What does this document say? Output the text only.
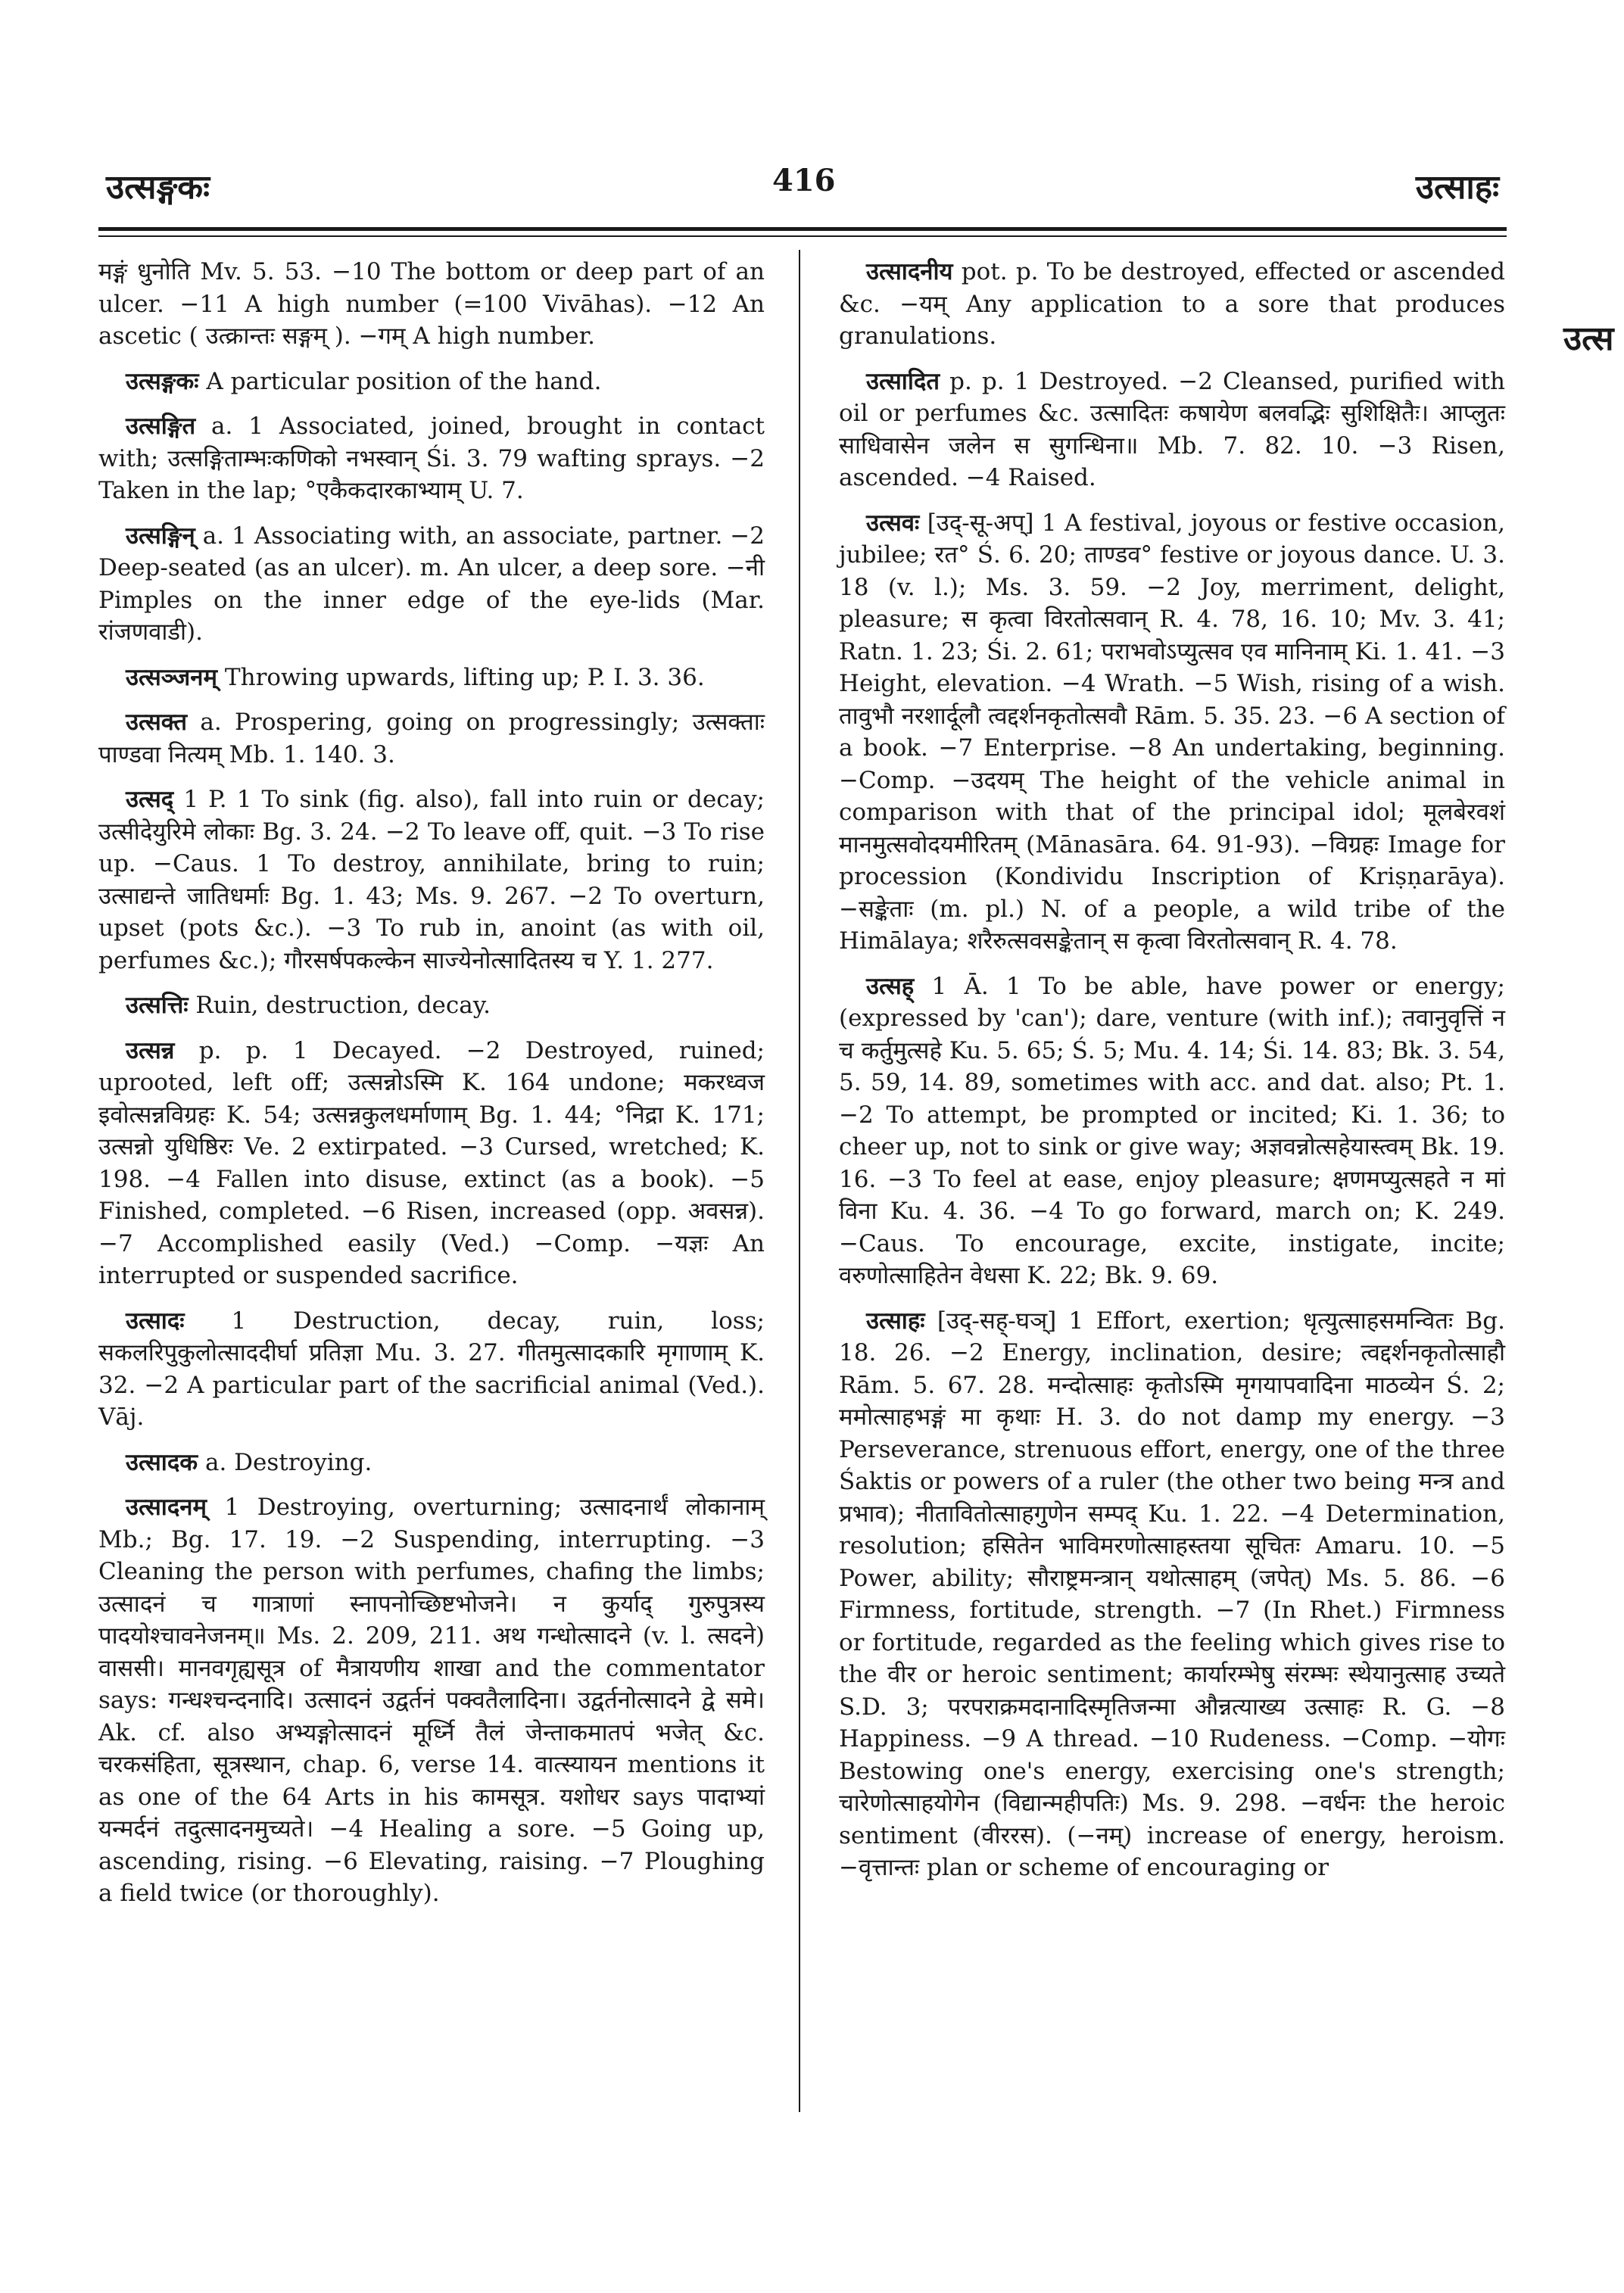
उत्सङ्गकः	416	उत्साहः
उत्स

मङ्गं धुनोति Mv. 5. 53. −10 The bottom or deep part of an ulcer. −11 A high number (=100 Vivāhas). −12 An ascetic ( उत्क्रान्तः सङ्गम् ). −गम् A high number.

उत्सङ्गकः A particular position of the hand.

उत्सङ्गित a. 1 Associated, joined, brought in contact with; उत्सङ्गिताम्भःकणिको नभस्वान् Śi. 3. 79 wafting sprays. −2 Taken in the lap; °एकैकदारकाभ्याम् U. 7.

उत्सङ्गिन् a. 1 Associating with, an associate, partner. −2 Deep-seated (as an ulcer). m. An ulcer, a deep sore. −नी Pimples on the inner edge of the eye-lids (Mar. रांजणवाडी).

उत्सञ्जनम् Throwing upwards, lifting up; P. I. 3. 36.

उत्सक्त a. Prospering, going on progressingly; उत्सक्ताः पाण्डवा नित्यम् Mb. 1. 140. 3.

उत्सद् 1 P. 1 To sink (fig. also), fall into ruin or decay; उत्सीदेयुरिमे लोकाः Bg. 3. 24. −2 To leave off, quit. −3 To rise up. −Caus. 1 To destroy, annihilate, bring to ruin; उत्साद्यन्ते जातिधर्माः Bg. 1. 43; Ms. 9. 267. −2 To overturn, upset (pots &c.). −3 To rub in, anoint (as with oil, perfumes &c.); गौरसर्षपकल्केन साज्येनोत्सादितस्य च Y. 1. 277.

उत्सत्तिः Ruin, destruction, decay.

उत्सन्न p. p. 1 Decayed. −2 Destroyed, ruined; uprooted, left off; उत्सन्नोऽस्मि K. 164 undone; मकरध्वज इवोत्सन्नविग्रहः K. 54; उत्सन्नकुलधर्माणाम् Bg. 1. 44; °निद्रा K. 171; उत्सन्नो युधिष्ठिरः Ve. 2 extirpated. −3 Cursed, wretched; K. 198. −4 Fallen into disuse, extinct (as a book). −5 Finished, completed. −6 Risen, increased (opp. अवसन्न). −7 Accomplished easily (Ved.) −Comp. −यज्ञः An interrupted or suspended sacrifice.

उत्सादः 1 Destruction, decay, ruin, loss; सकलरिपुकुलोत्साददीर्घा प्रतिज्ञा Mu. 3. 27. गीतमुत्सादकारि मृगाणाम् K. 32. −2 A particular part of the sacrificial animal (Ved.). Vāj.

उत्सादक a. Destroying.

उत्सादनम् 1 Destroying, overturning; उत्सादनार्थं लोकानाम् Mb.; Bg. 17. 19. −2 Suspending, interrupting. −3 Cleaning the person with perfumes, chafing the limbs; उत्सादनं च गात्राणां स्नापनोच्छिष्टभोजने। न कुर्याद् गुरुपुत्रस्य पादयोश्चावनेजनम्॥ Ms. 2. 209, 211. अथ गन्धोत्सादने (v. l. त्सदने) वाससी। मानवगृह्यसूत्र of मैत्रायणीय शाखा and the commentator says: गन्धश्चन्दनादि। उत्सादनं उद्वर्तनं पक्वतैलादिना। उद्वर्तनोत्सादने द्वे समे। Ak. cf. also अभ्यङ्गोत्सादनं मूर्ध्नि तैलं जेन्ताकमातपं भजेत् &c. चरकसंहिता, सूत्रस्थान, chap. 6, verse 14. वात्स्यायन mentions it as one of the 64 Arts in his कामसूत्र. यशोधर says पादाभ्यां यन्मर्दनं तदुत्सादनमुच्यते। −4 Healing a sore. −5 Going up, ascending, rising. −6 Elevating, raising. −7 Ploughing a field twice (or thoroughly).

उत्सादनीय pot. p. To be destroyed, effected or ascended &c. −यम् Any application to a sore that produces granulations.

उत्सादित p. p. 1 Destroyed. −2 Cleansed, purified with oil or perfumes &c. उत्सादितः कषायेण बलवद्भिः सुशिक्षितैः। आप्लुतः साधिवासेन जलेन स सुगन्धिना॥ Mb. 7. 82. 10. −3 Risen, ascended. −4 Raised.

उत्सवः [उद्-सू-अप्] 1 A festival, joyous or festive occasion, jubilee; रत° Ś. 6. 20; ताण्डव° festive or joyous dance. U. 3. 18 (v. l.); Ms. 3. 59. −2 Joy, merriment, delight, pleasure; स कृत्वा विरतोत्सवान् R. 4. 78, 16. 10; Mv. 3. 41; Ratn. 1. 23; Śi. 2. 61; पराभवोऽप्युत्सव एव मानिनाम् Ki. 1. 41. −3 Height, elevation. −4 Wrath. −5 Wish, rising of a wish. तावुभौ नरशार्दूलौ त्वद्दर्शनकृतोत्सवौ Rām. 5. 35. 23. −6 A section of a book. −7 Enterprise. −8 An undertaking, beginning. −Comp. −उदयम् The height of the vehicle animal in comparison with that of the principal idol; मूलबेरवशं मानमुत्सवोदयमीरितम् (Mānasāra. 64. 91-93). −विग्रहः Image for procession (Kondividu Inscription of Kriṣṇarāya). −सङ्केताः (m. pl.) N. of a people, a wild tribe of the Himālaya; शरैरुत्सवसङ्केतान् स कृत्वा विरतोत्सवान् R. 4. 78.

उत्सह् 1 Ā. 1 To be able, have power or energy; (expressed by 'can'); dare, venture (with inf.); तवानुवृत्तिं न च कर्तुमुत्सहे Ku. 5. 65; Ś. 5; Mu. 4. 14; Śi. 14. 83; Bk. 3. 54, 5. 59, 14. 89, sometimes with acc. and dat. also; Pt. 1. −2 To attempt, be prompted or incited; Ki. 1. 36; to cheer up, not to sink or give way; अज्ञवन्नोत्सहेयास्त्वम् Bk. 19. 16. −3 To feel at ease, enjoy pleasure; क्षणमप्युत्सहते न मां विना Ku. 4. 36. −4 To go forward, march on; K. 249. −Caus. To encourage, excite, instigate, incite; वरुणोत्साहितेन वेधसा K. 22; Bk. 9. 69.

उत्साहः [उद्-सह्-घञ्] 1 Effort, exertion; धृत्युत्साहसमन्वितः Bg. 18. 26. −2 Energy, inclination, desire; त्वद्दर्शनकृतोत्साहौ Rām. 5. 67. 28. मन्दोत्साहः कृतोऽस्मि मृगयापवादिना माठव्येन Ś. 2; ममोत्साहभङ्गं मा कृथाः H. 3. do not damp my energy. −3 Perseverance, strenuous effort, energy, one of the three Śaktis or powers of a ruler (the other two being मन्त्र and प्रभाव); नीतावितोत्साहगुणेन सम्पद् Ku. 1. 22. −4 Determination, resolution; हसितेन भाविमरणोत्साहस्तया सूचितः Amaru. 10. −5 Power, ability; सौराष्ट्रमन्त्रान् यथोत्साहम् (जपेत्) Ms. 5. 86. −6 Firmness, fortitude, strength. −7 (In Rhet.) Firmness or fortitude, regarded as the feeling which gives rise to the वीर or heroic sentiment; कार्यारम्भेषु संरम्भः स्थेयानुत्साह उच्यते S.D. 3; परपराक्रमदानादिस्मृतिजन्मा औन्नत्याख्य उत्साहः R. G. −8 Happiness. −9 A thread. −10 Rudeness. −Comp. −योगः Bestowing one's energy, exercising one's strength; चारेणोत्साहयोगेन (विद्यान्महीपतिः) Ms. 9. 298. −वर्धनः the heroic sentiment (वीररस). (−नम्) increase of energy, heroism. −वृत्तान्तः plan or scheme of encouraging or
